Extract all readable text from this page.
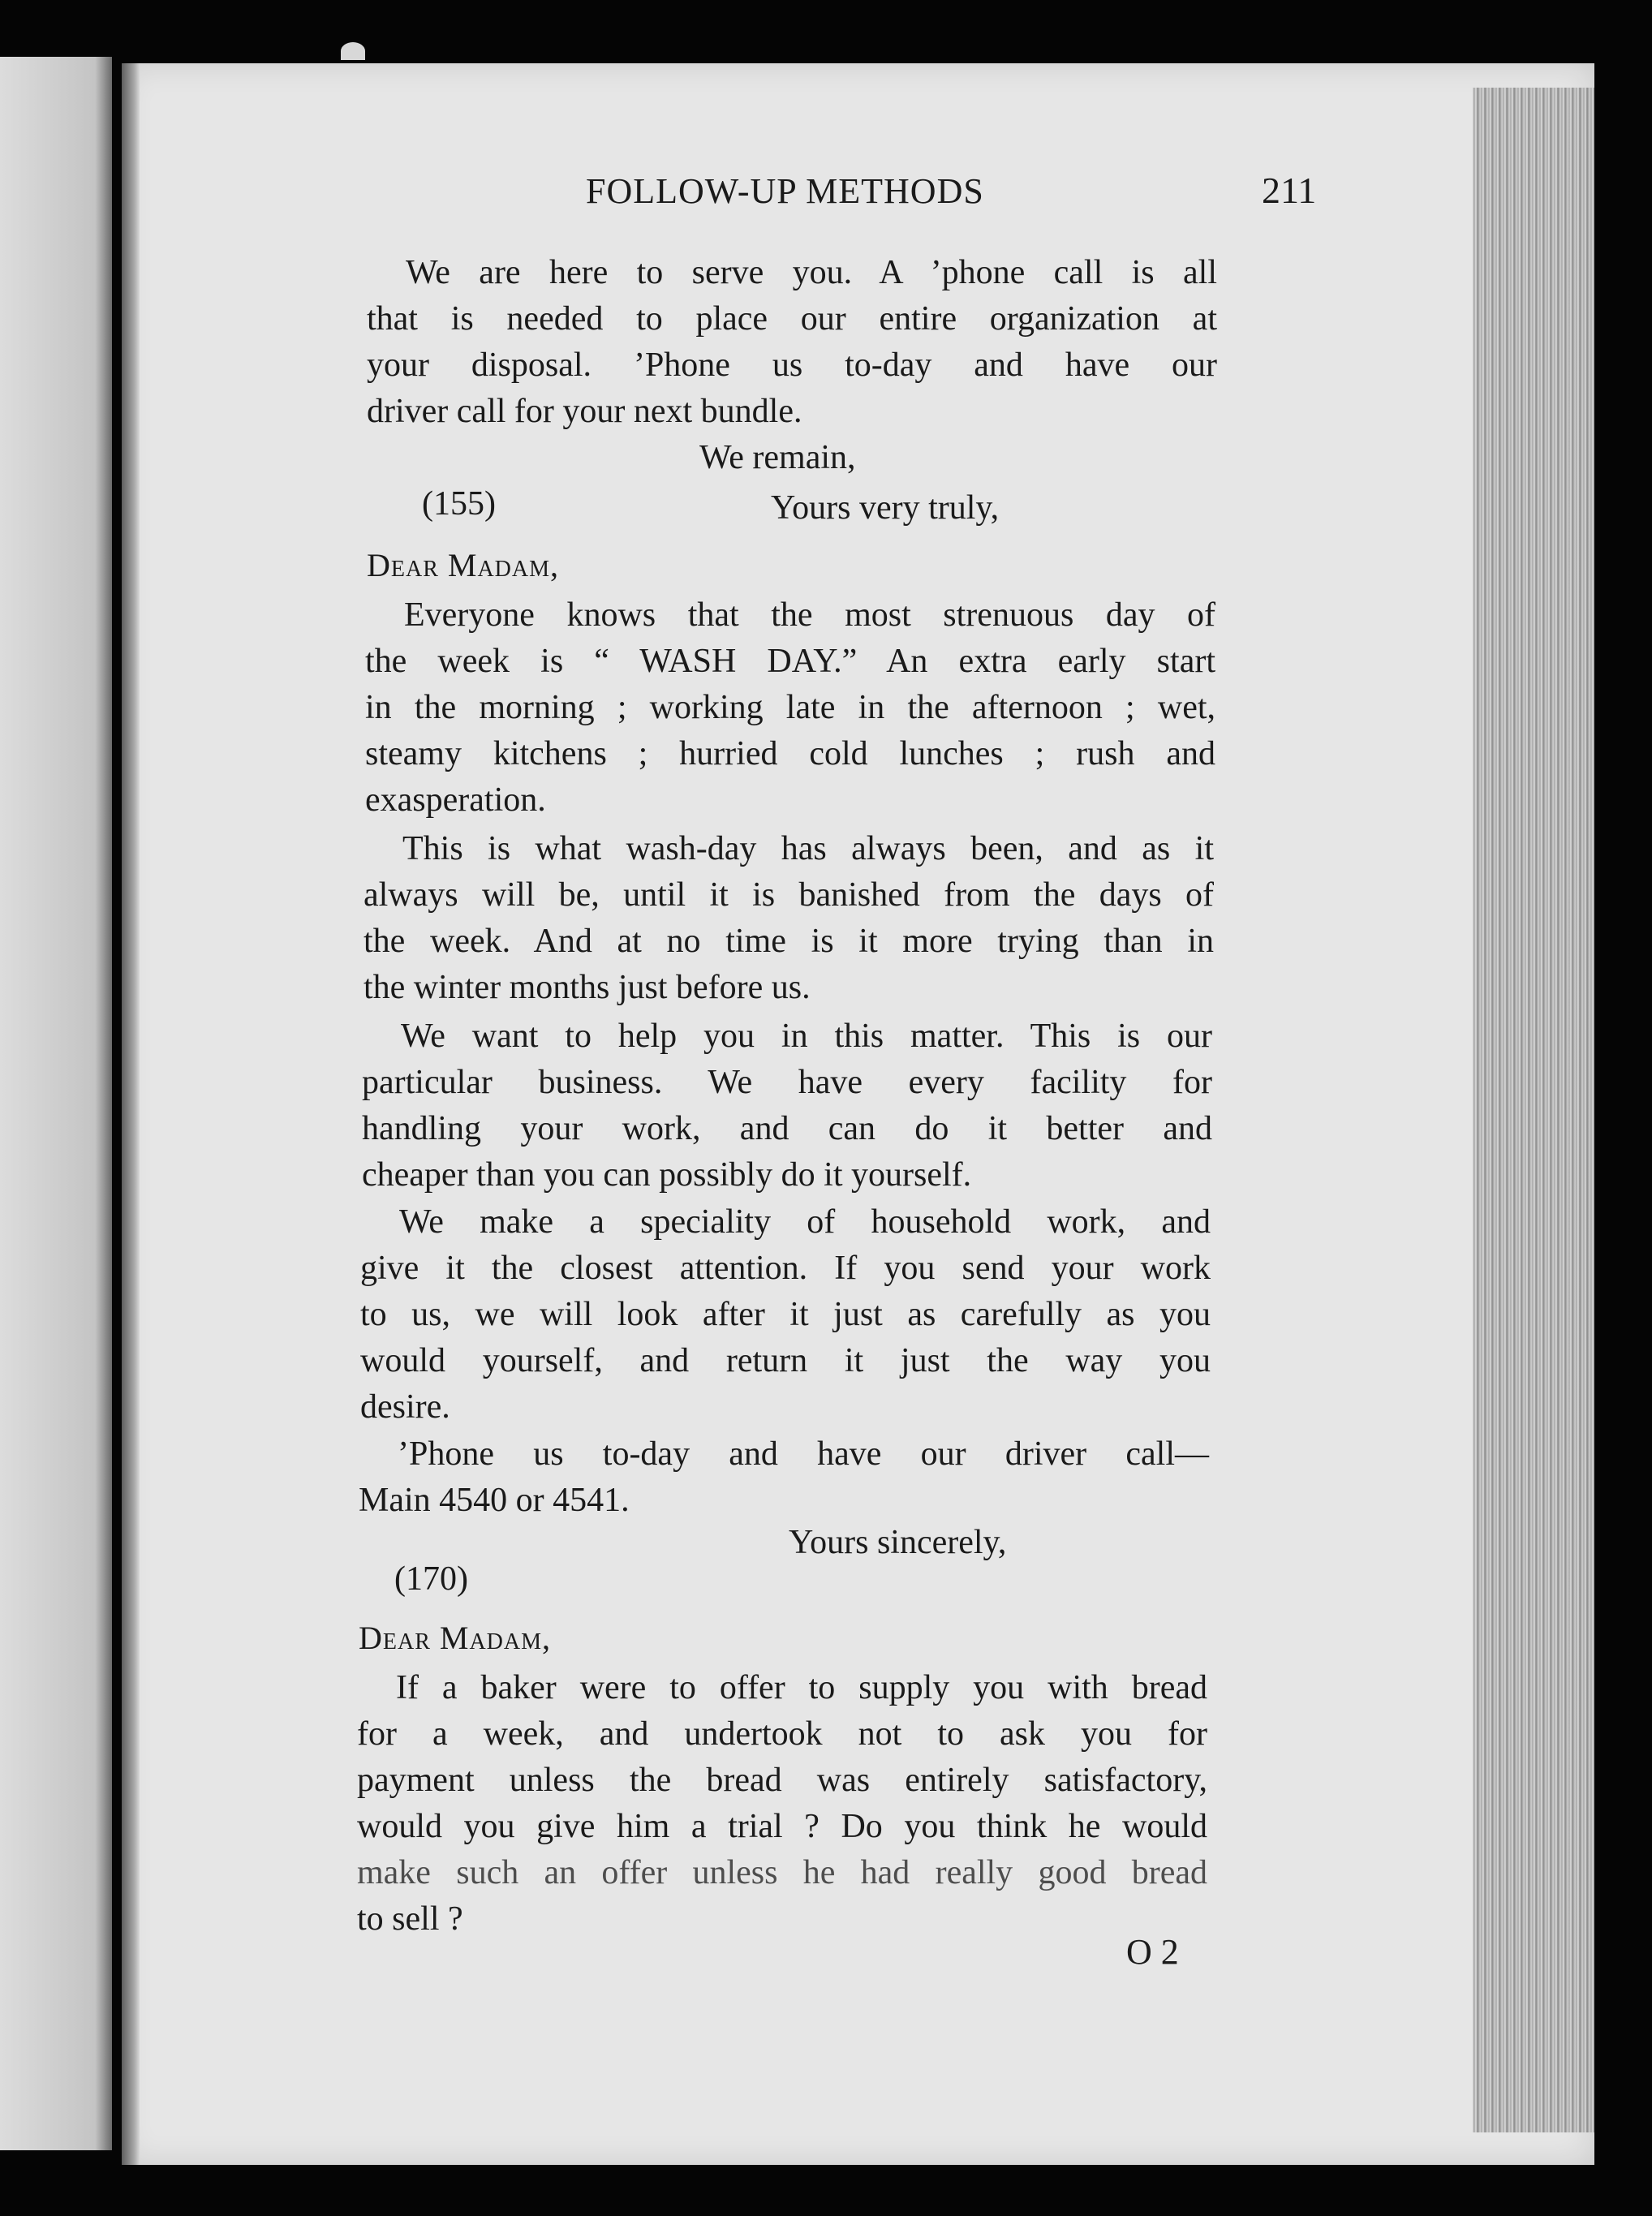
FOLLOW-UP METHODS	211
We are here to serve you. A ’phone call is all
that is needed to place our entire organization at
your disposal. ’Phone us to-day and have our
driver call for your next bundle.
We remain,
(155)	Yours very truly,
Dear Madam,
Everyone knows that the most strenuous day of
the week is “ WASH DAY.” An extra early start
in the morning ; working late in the afternoon ; wet,
steamy kitchens ; hurried cold lunches ; rush and
exasperation.
This is what wash-day has always been, and as it
always will be, until it is banished from the days of
the week. And at no time is it more trying than in
the winter months just before us.
We want to help you in this matter. This is our
particular business. We have every facility for
handling your work, and can do it better and
cheaper than you can possibly do it yourself.
We make a speciality of household work, and
give it the closest attention. If you send your work
to us, we will look after it just as carefully as you
would yourself, and return it just the way you
desire.
’Phone us to-day and have our driver call—
Main 4540 or 4541.
Yours sincerely,
(170)
Dear Madam,
If a baker were to offer to supply you with bread
for a week, and undertook not to ask you for
payment unless the bread was entirely satisfactory,
would you give him a trial ? Do you think he would
make such an offer unless he had really good bread
to sell ?
O 2
